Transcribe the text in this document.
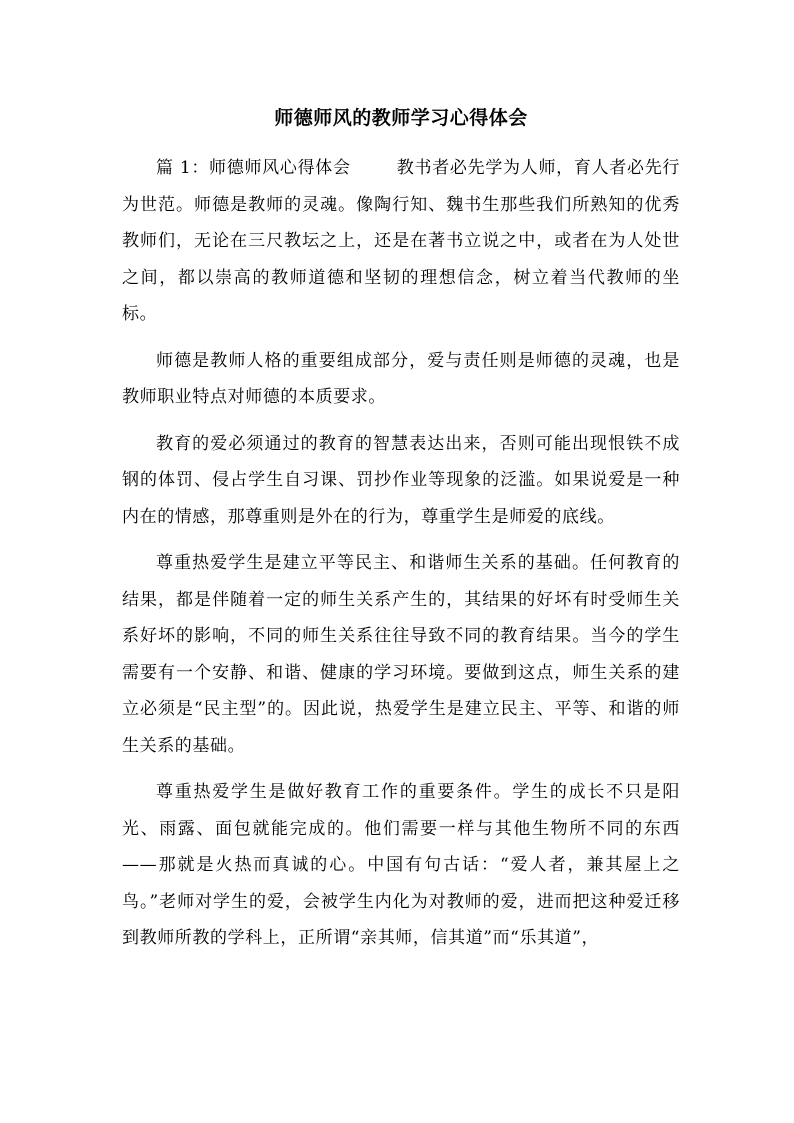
师德师风的教师学习心得体会

篇 1：师德师风心得体会	教书者必先学为人师，育人者必先行为世范。师德是教师的灵魂。像陶行知、魏书生那些我们所熟知的优秀教师们，无论在三尺教坛之上，还是在著书立说之中，或者在为人处世之间，都以崇高的教师道德和坚韧的理想信念，树立着当代教师的坐标。

师德是教师人格的重要组成部分，爱与责任则是师德的灵魂，也是教师职业特点对师德的本质要求。

教育的爱必须通过的教育的智慧表达出来，否则可能出现恨铁不成钢的体罚、侵占学生自习课、罚抄作业等现象的泛滥。如果说爱是一种内在的情感，那尊重则是外在的行为，尊重学生是师爱的底线。

尊重热爱学生是建立平等民主、和谐师生关系的基础。任何教育的结果，都是伴随着一定的师生关系产生的，其结果的好坏有时受师生关系好坏的影响，不同的师生关系往往导致不同的教育结果。当今的学生需要有一个安静、和谐、健康的学习环境。要做到这点，师生关系的建立必须是“民主型”的。因此说，热爱学生是建立民主、平等、和谐的师生关系的基础。

尊重热爱学生是做好教育工作的重要条件。学生的成长不只是阳光、雨露、面包就能完成的。他们需要一样与其他生物所不同的东西——那就是火热而真诚的心。中国有句古话：“爱人者，兼其屋上之鸟。”老师对学生的爱，会被学生内化为对教师的爱，进而把这种爱迁移到教师所教的学科上，正所谓“亲其师，信其道”而“乐其道”，
